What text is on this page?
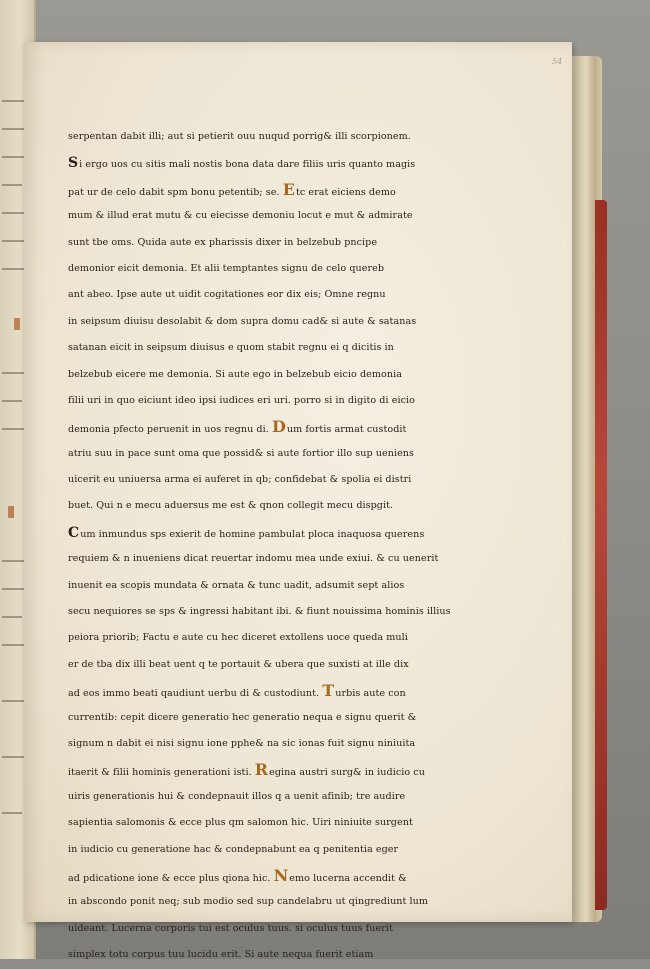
serpentan dabit illi; aut si petierit ouu nuqud porrig& illi scorpionem.
Si ergo uos cu sitis mali nostis bona data dare filiis uris quanto magis
pat ur de celo dabit spm bonu petentib; se. Etc erat eiciens demo
mum & illud erat mutu & cu eiecisse demoniu locut e mut & admirate
sunt tbe oms. Quida aute ex pharissis dixer in belzebub pncipe
demonior eicit demonia. Et alii temptantes signu de celo quereb
ant abeo. Ipse aute ut uidit cogitationes eor dix eis; Omne regnu
in seipsum diuisu desolabit & dom supra domu cad& si aute & satanas
satanan eicit in seipsum diuisus e quom stabit regnu ei q dicitis in
belzebub eicere me demonia. Si aute ego in belzebub eicio demonia
filii uri in quo eiciunt ideo ipsi iudices eri uri. porro si in digito di eicio
demonia pfecto peruenit in uos regnu di. Dum fortis armat custodit
atriu suu in pace sunt oma que possid& si aute fortior illo sup ueniens
uicerit eu uniuersa arma ei auferet in qb; confidebat & spolia ei distri
buet. Qui n e mecu aduersus me est & qnon collegit mecu dispgit.
Cum inmundus sps exierit de homine pambulat ploca inaquosa querens
requiem & n inueniens dicat reuertar indomu mea unde exiui. & cu uenerit
inuenit ea scopis mundata & ornata & tunc uadit, adsumit sept alios
secu nequiores se sps & ingressi habitant ibi. & fiunt nouissima hominis illius
peiora priorib; Factu e aute cu hec diceret extollens uoce queda muli
er de tba dix illi beat uent q te portauit & ubera que suxisti at ille dix
ad eos immo beati qaudiunt uerbu di & custodiunt. Turbis aute con
currentib: cepit dicere generatio hec generatio nequa e signu querit &
signum n dabit ei nisi signu ione pphe& na sic ionas fuit signu niniuita
itaerit & filii hominis generationi isti. Regina austri surg& in iudicio cu
uiris generationis hui & condepnauit illos q a uenit afinib; tre audire
sapientia salomonis & ecce plus qm salomon hic. Uiri niniuite surgent
in iudicio cu generatione hac & condepnabunt ea q penitentia eger
ad pdicatione ione & ecce plus qiona hic. Nemo lucerna accendit &
in abscondo ponit neq; sub modio sed sup candelabru ut qingrediunt lum
uideant. Lucerna corporis tui est oculus tuus. si oculus tuus fuerit
simplex totu corpus tuu lucidu erit. Si aute nequa fuerit etiam
54
